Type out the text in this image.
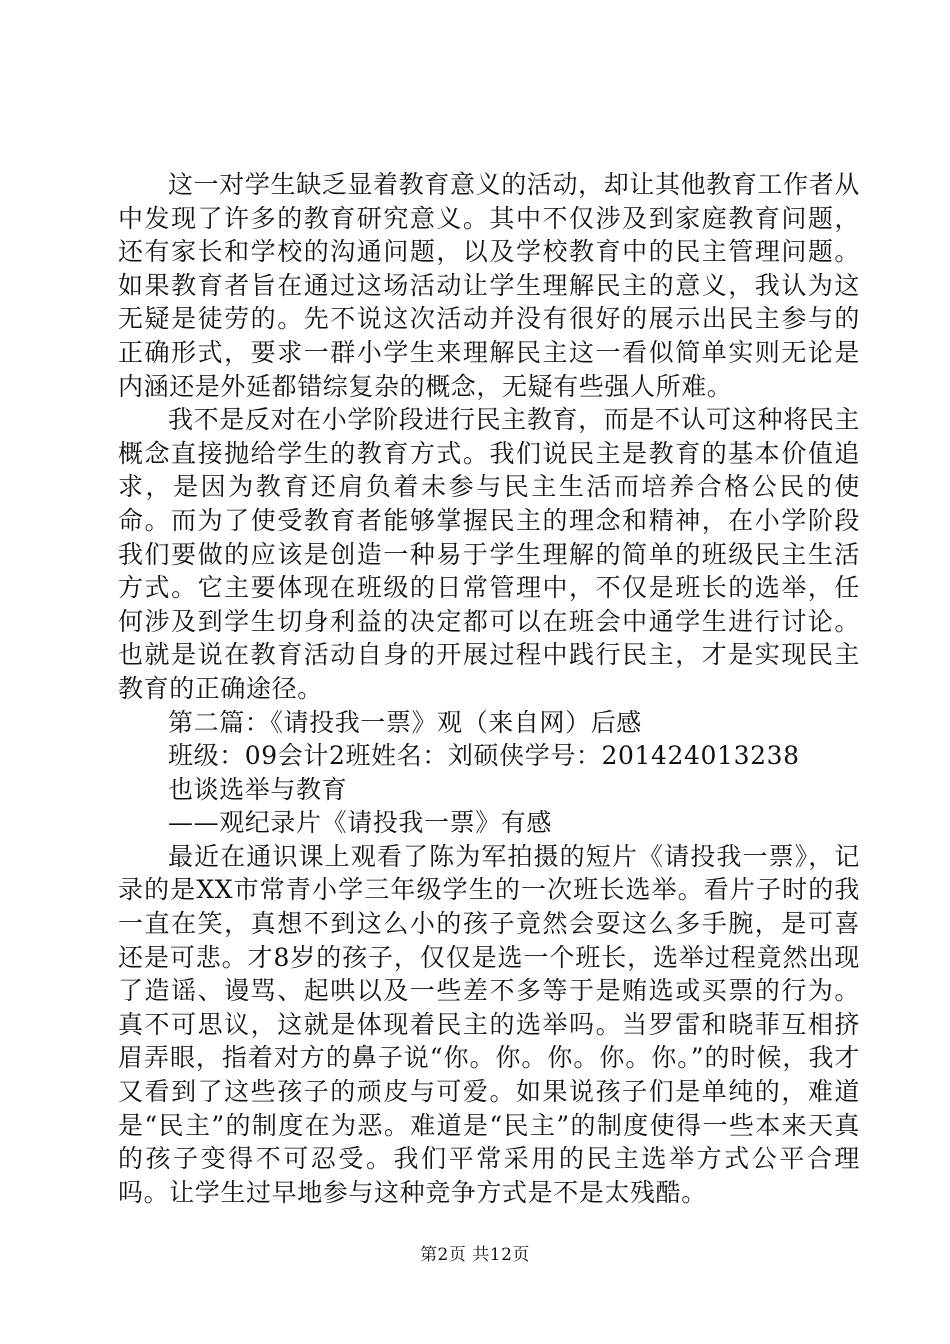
这一对学生缺乏显着教育意义的活动，却让其他教育工作者从中发现了许多的教育研究意义。其中不仅涉及到家庭教育问题，还有家长和学校的沟通问题，以及学校教育中的民主管理问题。如果教育者旨在通过这场活动让学生理解民主的意义，我认为这无疑是徒劳的。先不说这次活动并没有很好的展示出民主参与的正确形式，要求一群小学生来理解民主这一看似简单实则无论是内涵还是外延都错综复杂的概念，无疑有些强人所难。

我不是反对在小学阶段进行民主教育，而是不认可这种将民主概念直接抛给学生的教育方式。我们说民主是教育的基本价值追求，是因为教育还肩负着未参与民主生活而培养合格公民的使命。而为了使受教育者能够掌握民主的理念和精神，在小学阶段我们要做的应该是创造一种易于学生理解的简单的班级民主生活方式。它主要体现在班级的日常管理中，不仅是班长的选举，任何涉及到学生切身利益的决定都可以在班会中通学生进行讨论。也就是说在教育活动自身的开展过程中践行民主，才是实现民主教育的正确途径。

第二篇：《请投我一票》观（来自网）后感

班级：09会计2班姓名：刘硕侠学号：201424013238

也谈选举与教育

——观纪录片《请投我一票》有感

最近在通识课上观看了陈为军拍摄的短片《请投我一票》，记录的是XX市常青小学三年级学生的一次班长选举。看片子时的我一直在笑，真想不到这么小的孩子竟然会耍这么多手腕，是可喜还是可悲。才8岁的孩子，仅仅是选一个班长，选举过程竟然出现了造谣、谩骂、起哄以及一些差不多等于是贿选或买票的行为。真不可思议，这就是体现着民主的选举吗。当罗雷和晓菲互相挤眉弄眼，指着对方的鼻子说“你。你。你。你。你。”的时候，我才又看到了这些孩子的顽皮与可爱。如果说孩子们是单纯的，难道是“民主”的制度在为恶。难道是“民主”的制度使得一些本来天真的孩子变得不可忍受。我们平常采用的民主选举方式公平合理吗。让学生过早地参与这种竞争方式是不是太残酷。

第2页 共12页
